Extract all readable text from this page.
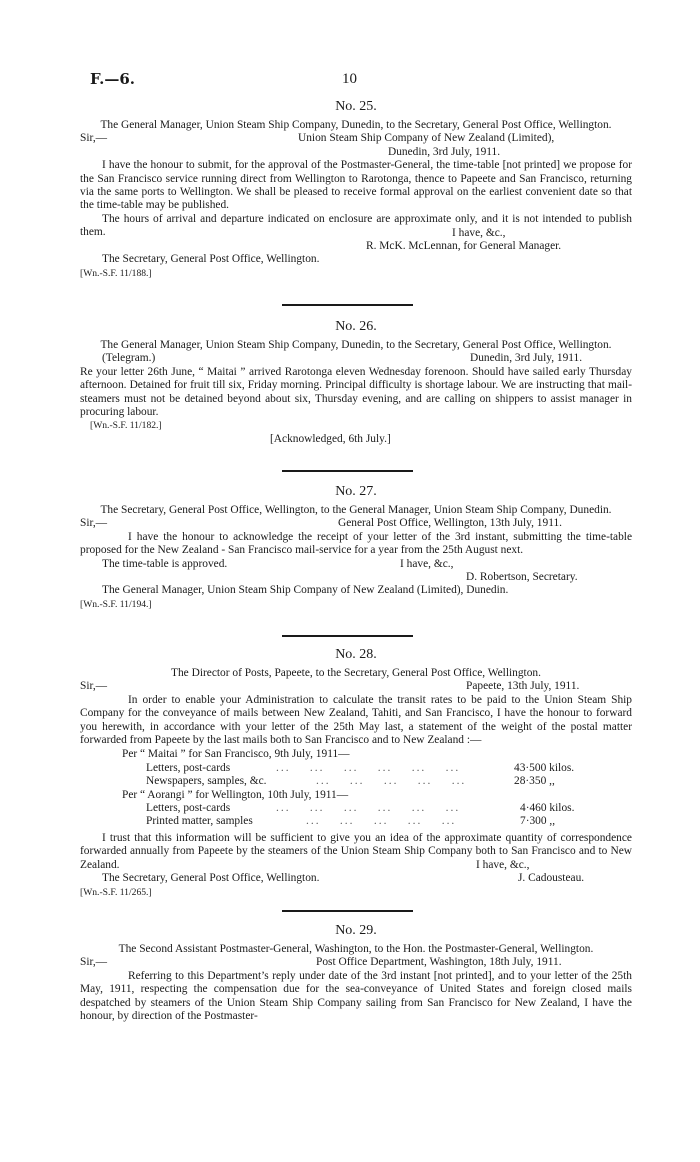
F.—6.	10
No. 25.
The General Manager, Union Steam Ship Company, Dunedin, to the Secretary, General Post Office, Wellington.
Sir,—	Union Steam Ship Company of New Zealand (Limited),
Dunedin, 3rd July, 1911.
I have the honour to submit, for the approval of the Postmaster-General, the time-table [not printed] we propose for the San Francisco service running direct from Wellington to Rarotonga, thence to Papeete and San Francisco, returning via the same ports to Wellington. We shall be pleased to receive formal approval on the earliest convenient date so that the time-table may be published.
The hours of arrival and departure indicated on enclosure are approximate only, and it is not intended to publish them.	I have, &c.,
R. McK. McLennan, for General Manager.
The Secretary, General Post Office, Wellington.
[Wn.-S.F. 11/188.]
No. 26.
The General Manager, Union Steam Ship Company, Dunedin, to the Secretary, General Post Office, Wellington.
(Telegram.)	Dunedin, 3rd July, 1911.
Re your letter 26th June, “ Maitai ” arrived Rarotonga eleven Wednesday forenoon. Should have sailed early Thursday afternoon. Detained for fruit till six, Friday morning. Principal difficulty is shortage labour. We are instructing that mail-steamers must not be detained beyond about six, Thursday evening, and are calling on shippers to assist manager in procuring labour.
[Wn.-S.F. 11/182.]
[Acknowledged, 6th July.]
No. 27.
The Secretary, General Post Office, Wellington, to the General Manager, Union Steam Ship Company, Dunedin.
Sir,—	General Post Office, Wellington, 13th July, 1911.
I have the honour to acknowledge the receipt of your letter of the 3rd instant, submitting the time-table proposed for the New Zealand - San Francisco mail-service for a year from the 25th August next.
The time-table is approved.	I have, &c.,
D. Robertson, Secretary.
The General Manager, Union Steam Ship Company of New Zealand (Limited), Dunedin.
[Wn.-S.F. 11/194.]
No. 28.
The Director of Posts, Papeete, to the Secretary, General Post Office, Wellington.
Sir,—	Papeete, 13th July, 1911.
In order to enable your Administration to calculate the transit rates to be paid to the Union Steam Ship Company for the conveyance of mails between New Zealand, Tahiti, and San Francisco, I have the honour to forward you herewith, in accordance with your letter of the 25th May last, a statement of the weight of the postal matter forwarded from Papeete by the last mails both to San Francisco and to New Zealand :—
Per “ Maitai ” for San Francisco, 9th July, 1911—
Letters, post-cards	...    ...    ...    ...    ...    ...	43·500 kilos.
Newspapers, samples, &c.	...    ...    ...    ...    ...	28·350 ,,
Per “ Aorangi ” for Wellington, 10th July, 1911—
Letters, post-cards	...    ...    ...    ...    ...    ...	4·460 kilos.
Printed matter, samples	...    ...    ...    ...    ...	7·300 ,,
I trust that this information will be sufficient to give you an idea of the approximate quantity of correspondence forwarded annually from Papeete by the steamers of the Union Steam Ship Company both to San Francisco and to New Zealand.	I have, &c.,
The Secretary, General Post Office, Wellington.	J. Cadousteau.
[Wn.-S.F. 11/265.]
No. 29.
The Second Assistant Postmaster-General, Washington, to the Hon. the Postmaster-General, Wellington.
Sir,—	Post Office Department, Washington, 18th July, 1911.
Referring to this Department’s reply under date of the 3rd instant [not printed], and to your letter of the 25th May, 1911, respecting the compensation due for the sea-conveyance of United States and foreign closed mails despatched by steamers of the Union Steam Ship Company sailing from San Francisco for New Zealand, I have the honour, by direction of the Postmaster-
